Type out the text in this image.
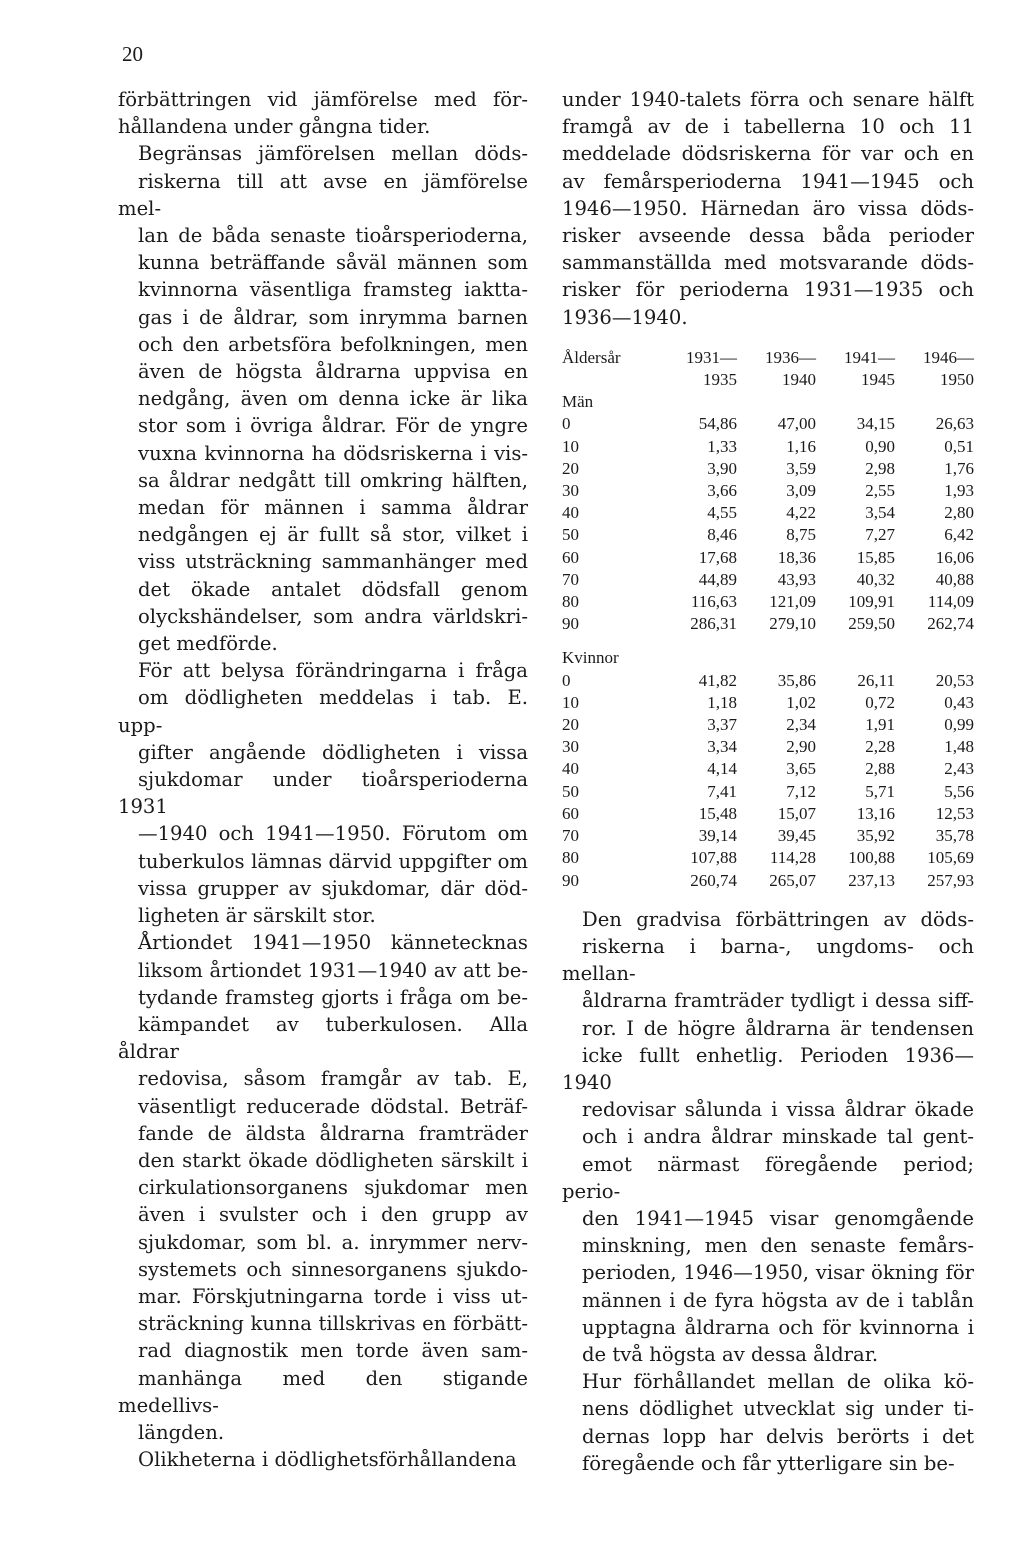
20

förbättringen vid jämförelse med för-
hållandena under gångna tider.

Begränsas jämförelsen mellan döds-
riskerna till att avse en jämförelse mel-
lan de båda senaste tioårsperioderna,
kunna beträffande såväl männen som
kvinnorna väsentliga framsteg iaktta-
gas i de åldrar, som inrymma barnen
och den arbetsföra befolkningen, men
även de högsta åldrarna uppvisa en
nedgång, även om denna icke är lika
stor som i övriga åldrar. För de yngre
vuxna kvinnorna ha dödsriskerna i vis-
sa åldrar nedgått till omkring hälften,
medan för männen i samma åldrar
nedgången ej är fullt så stor, vilket i
viss utsträckning sammanhänger med
det ökade antalet dödsfall genom
olyckshändelser, som andra världskri-
get medförde.

För att belysa förändringarna i fråga
om dödligheten meddelas i tab. E. upp-
gifter angående dödligheten i vissa
sjukdomar under tioårsperioderna 1931
—1940 och 1941—1950. Förutom om
tuberkulos lämnas därvid uppgifter om
vissa grupper av sjukdomar, där död-
ligheten är särskilt stor.

Årtiondet 1941—1950 kännetecknas
liksom årtiondet 1931—1940 av att be-
tydande framsteg gjorts i fråga om be-
kämpandet av tuberkulosen. Alla åldrar
redovisa, såsom framgår av tab. E,
väsentligt reducerade dödstal. Beträf-
fande de äldsta åldrarna framträder
den starkt ökade dödligheten särskilt i
cirkulationsorganens sjukdomar men
även i svulster och i den grupp av
sjukdomar, som bl. a. inrymmer nerv-
systemets och sinnesorganens sjukdo-
mar. Förskjutningarna torde i viss ut-
sträckning kunna tillskrivas en förbätt-
rad diagnostik men torde även sam-
manhänga med den stigande medellivs-
längden.

Olikheterna i dödlighetsförhållandena

under 1940-talets förra och senare hälft
framgå av de i tabellerna 10 och 11
meddelade dödsriskerna för var och en
av femårsperioderna 1941—1945 och
1946—1950. Härnedan äro vissa döds-
risker avseende dessa båda perioder
sammanställda med motsvarande döds-
risker för perioderna 1931—1935 och
1936—1940.

Åldersår	1931—	1936—	1941—	1946—
	1935	1940	1945	1950
Män				
0	54,86	47,00	34,15	26,63
10	1,33	1,16	0,90	0,51
20	3,90	3,59	2,98	1,76
30	3,66	3,09	2,55	1,93
40	4,55	4,22	3,54	2,80
50	8,46	8,75	7,27	6,42
60	17,68	18,36	15,85	16,06
70	44,89	43,93	40,32	40,88
80	116,63	121,09	109,91	114,09
90	286,31	279,10	259,50	262,74

Kvinnor				
0	41,82	35,86	26,11	20,53
10	1,18	1,02	0,72	0,43
20	3,37	2,34	1,91	0,99
30	3,34	2,90	2,28	1,48
40	4,14	3,65	2,88	2,43
50	7,41	7,12	5,71	5,56
60	15,48	15,07	13,16	12,53
70	39,14	39,45	35,92	35,78
80	107,88	114,28	100,88	105,69
90	260,74	265,07	237,13	257,93

Den gradvisa förbättringen av döds-
riskerna i barna-, ungdoms- och mellan-
åldrarna framträder tydligt i dessa siff-
ror. I de högre åldrarna är tendensen
icke fullt enhetlig. Perioden 1936—1940
redovisar sålunda i vissa åldrar ökade
och i andra åldrar minskade tal gent-
emot närmast föregående period; perio-
den 1941—1945 visar genomgående
minskning, men den senaste femårs-
perioden, 1946—1950, visar ökning för
männen i de fyra högsta av de i tablån
upptagna åldrarna och för kvinnorna i
de två högsta av dessa åldrar.

Hur förhållandet mellan de olika kö-
nens dödlighet utvecklat sig under ti-
dernas lopp har delvis berörts i det
föregående och får ytterligare sin be-
